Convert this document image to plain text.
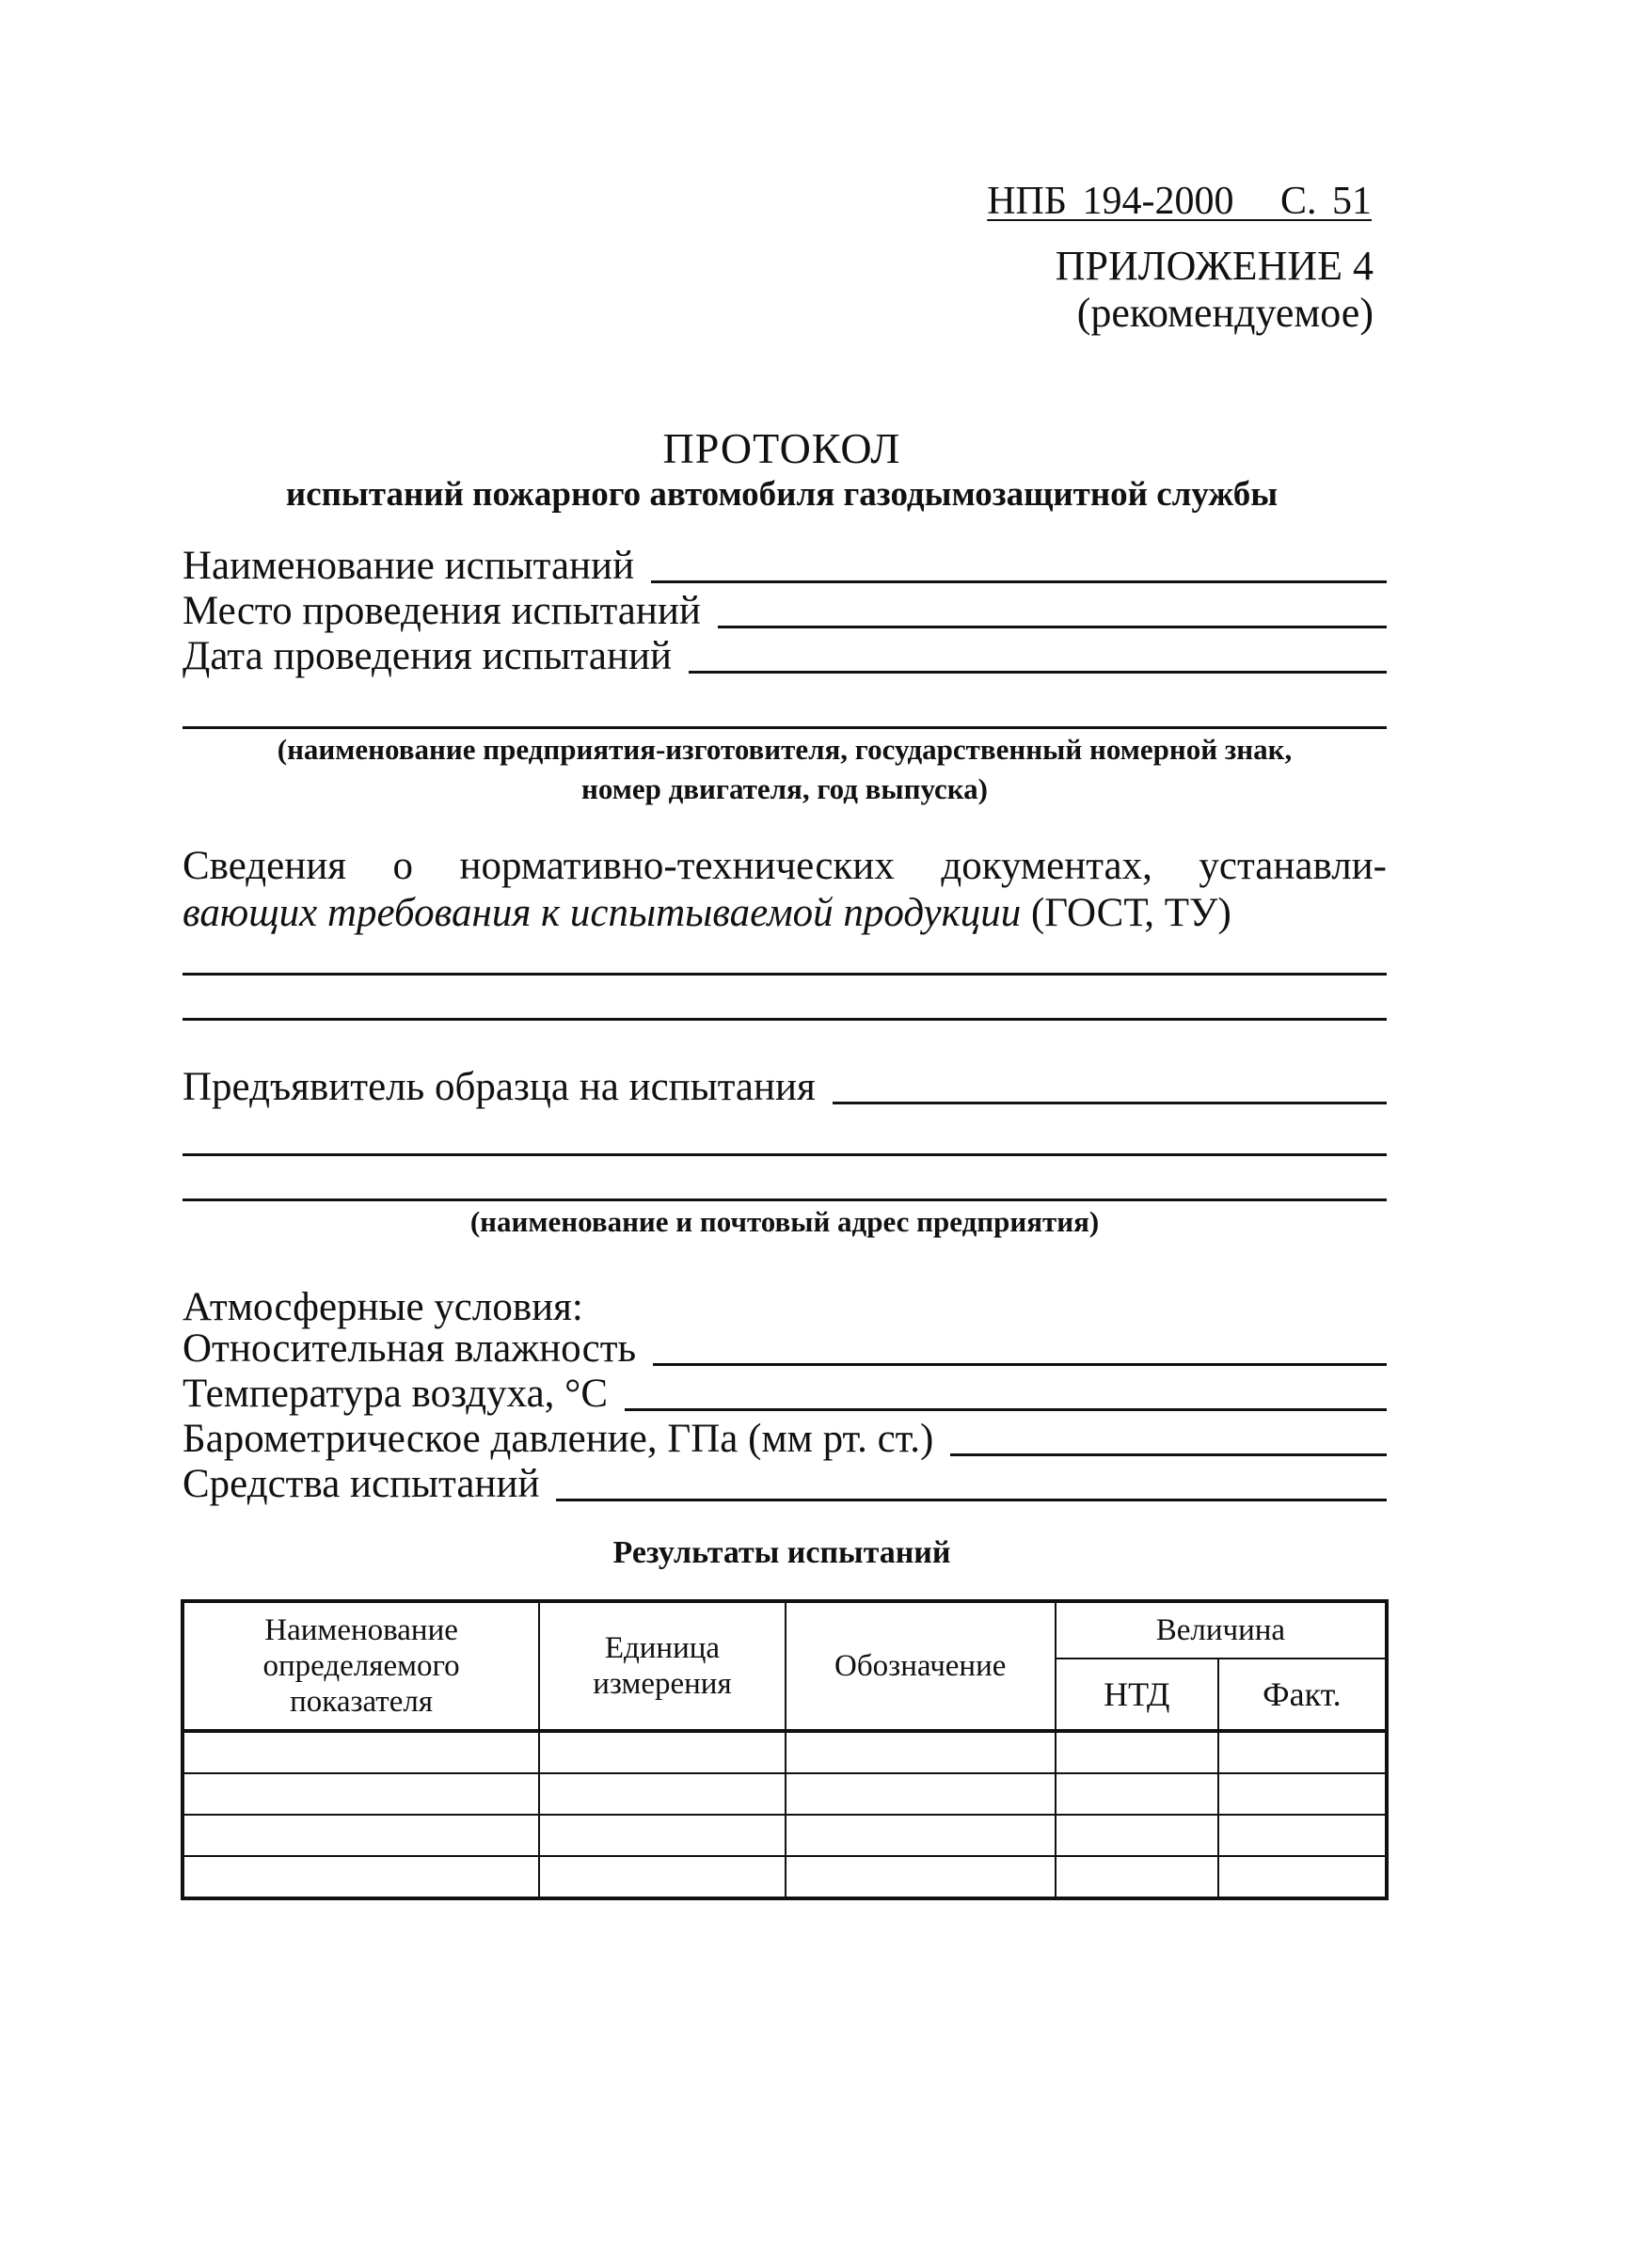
НПБ 194-2000 С. 51
ПРИЛОЖЕНИЕ 4
(рекомендуемое)
ПРОТОКОЛ
испытаний пожарного автомобиля газодымозащитной службы
Наименование испытаний
Место проведения испытаний
Дата проведения испытаний
(наименование предприятия-изготовителя, государственный номерной знак,
номер двигателя, год выпуска)
Сведения о нормативно-технических документах, устанавли-
вающих требования к испытываемой продукции (ГОСТ, ТУ)
Предъявитель образца на испытания
(наименование и почтовый адрес предприятия)
Атмосферные условия:
Относительная влажность
Температура воздуха, °С
Барометрическое давление, ГПа (мм рт. ст.)
Средства испытаний
Результаты испытаний
Наименование определяемого показателя	Единица измерения	Обозначение	Величина	
			НТД	Факт.
